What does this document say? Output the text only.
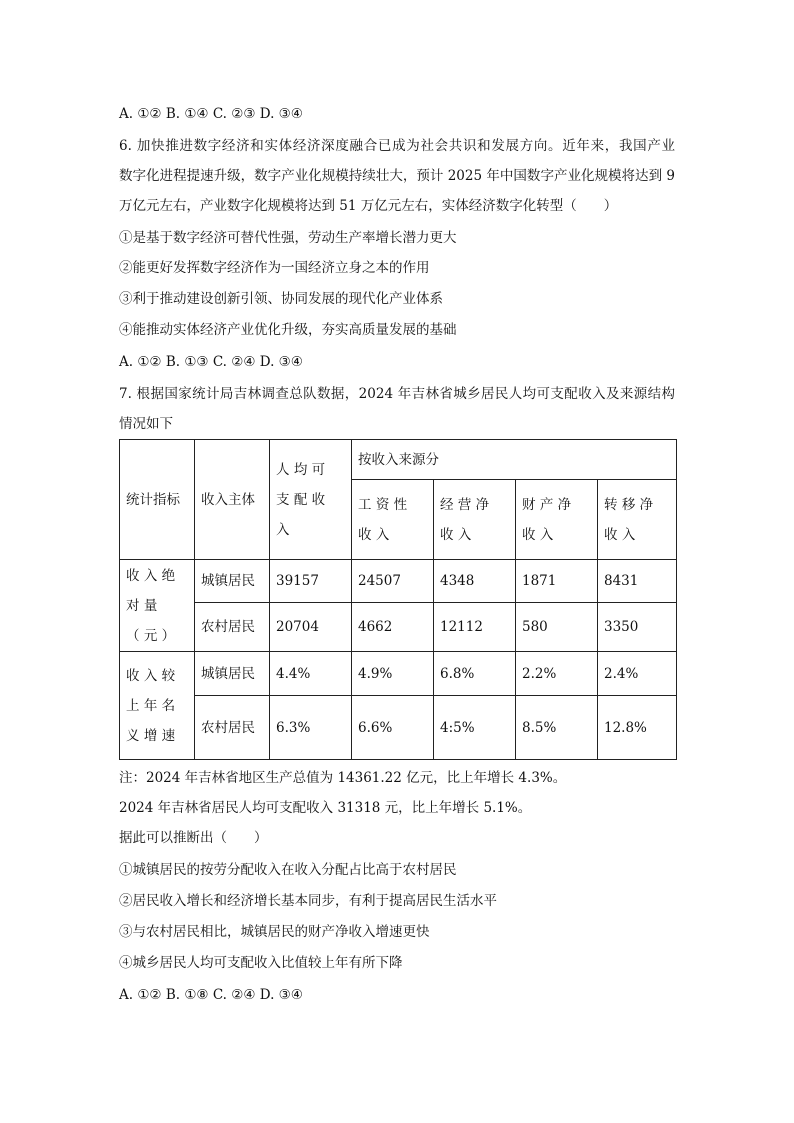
A. ①② B. ①④ C. ②③ D. ③④
6. 加快推进数字经济和实体经济深度融合已成为社会共识和发展方向。近年来，我国产业
数字化进程提速升级，数字产业化规模持续壮大，预计 2025 年中国数字产业化规模将达到 9
万亿元左右，产业数字化规模将达到 51 万亿元左右，实体经济数字化转型（　　）
①是基于数字经济可替代性强，劳动生产率增长潜力更大
②能更好发挥数字经济作为一国经济立身之本的作用
③利于推动建设创新引领、协同发展的现代化产业体系
④能推动实体经济产业优化升级，夯实高质量发展的基础
A. ①② B. ①③ C. ②④ D. ③④
7. 根据国家统计局吉林调查总队数据，2024 年吉林省城乡居民人均可支配收入及来源结构
情况如下
统计指标	收入主体	人均可支配收入	按收入来源分			
			工资性收入	经营净收入	财产净收入	转移净收入
收入绝对量（元）	城镇居民	39157	24507	4348	1871	8431
	农村居民	20704	4662	12112	580	3350
收入较上年名义增速	城镇居民	4.4%	4.9%	6.8%	2.2%	2.4%
	农村居民	6.3%	6.6%	4:5%	8.5%	12.8%
注：2024 年吉林省地区生产总值为 14361.22 亿元，比上年增长 4.3%。
2024 年吉林省居民人均可支配收入 31318 元，比上年增长 5.1%。
据此可以推断出（　　）
①城镇居民的按劳分配收入在收入分配占比高于农村居民
②居民收入增长和经济增长基本同步，有利于提高居民生活水平
③与农村居民相比，城镇居民的财产净收入增速更快
④城乡居民人均可支配收入比值较上年有所下降
A. ①② B. ①⑧ C. ②④ D. ③④
